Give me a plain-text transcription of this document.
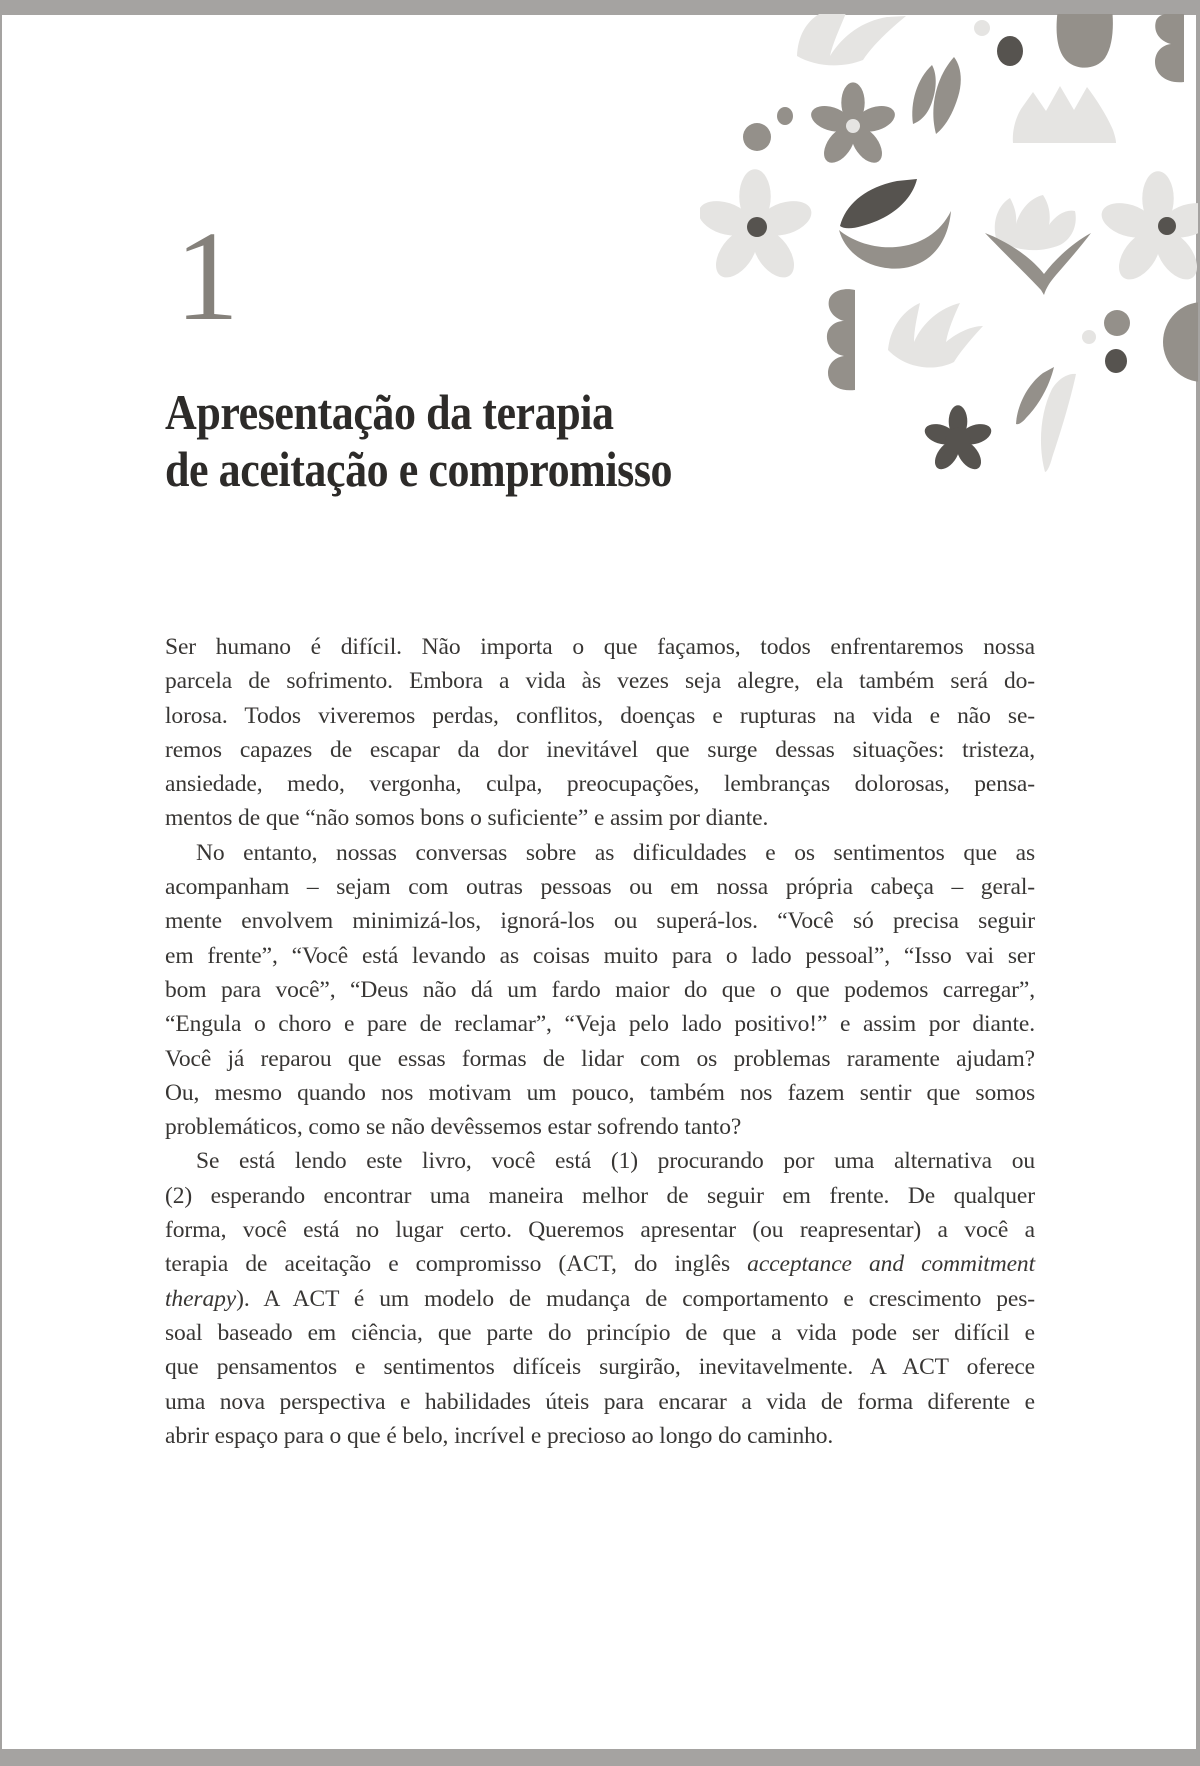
1
Apresentação da terapia
de aceitação e compromisso
Ser humano é difícil. Não importa o que façamos, todos enfrentaremos nossa
parcela de sofrimento. Embora a vida às vezes seja alegre, ela também será do-
lorosa. Todos viveremos perdas, conflitos, doenças e rupturas na vida e não se-
remos capazes de escapar da dor inevitável que surge dessas situações: tristeza,
ansiedade, medo, vergonha, culpa, preocupações, lembranças dolorosas, pensa-
mentos de que “não somos bons o suficiente” e assim por diante.
No entanto, nossas conversas sobre as dificuldades e os sentimentos que as
acompanham – sejam com outras pessoas ou em nossa própria cabeça – geral-
mente envolvem minimizá-los, ignorá-los ou superá-los. “Você só precisa seguir
em frente”, “Você está levando as coisas muito para o lado pessoal”, “Isso vai ser
bom para você”, “Deus não dá um fardo maior do que o que podemos carregar”,
“Engula o choro e pare de reclamar”, “Veja pelo lado positivo!” e assim por diante.
Você já reparou que essas formas de lidar com os problemas raramente ajudam?
Ou, mesmo quando nos motivam um pouco, também nos fazem sentir que somos
problemáticos, como se não devêssemos estar sofrendo tanto?
Se está lendo este livro, você está (1) procurando por uma alternativa ou
(2) esperando encontrar uma maneira melhor de seguir em frente. De qualquer
forma, você está no lugar certo. Queremos apresentar (ou reapresentar) a você a
terapia de aceitação e compromisso (ACT, do inglês acceptance and commitment
therapy). A ACT é um modelo de mudança de comportamento e crescimento pes-
soal baseado em ciência, que parte do princípio de que a vida pode ser difícil e
que pensamentos e sentimentos difíceis surgirão, inevitavelmente. A ACT oferece
uma nova perspectiva e habilidades úteis para encarar a vida de forma diferente e
abrir espaço para o que é belo, incrível e precioso ao longo do caminho.
